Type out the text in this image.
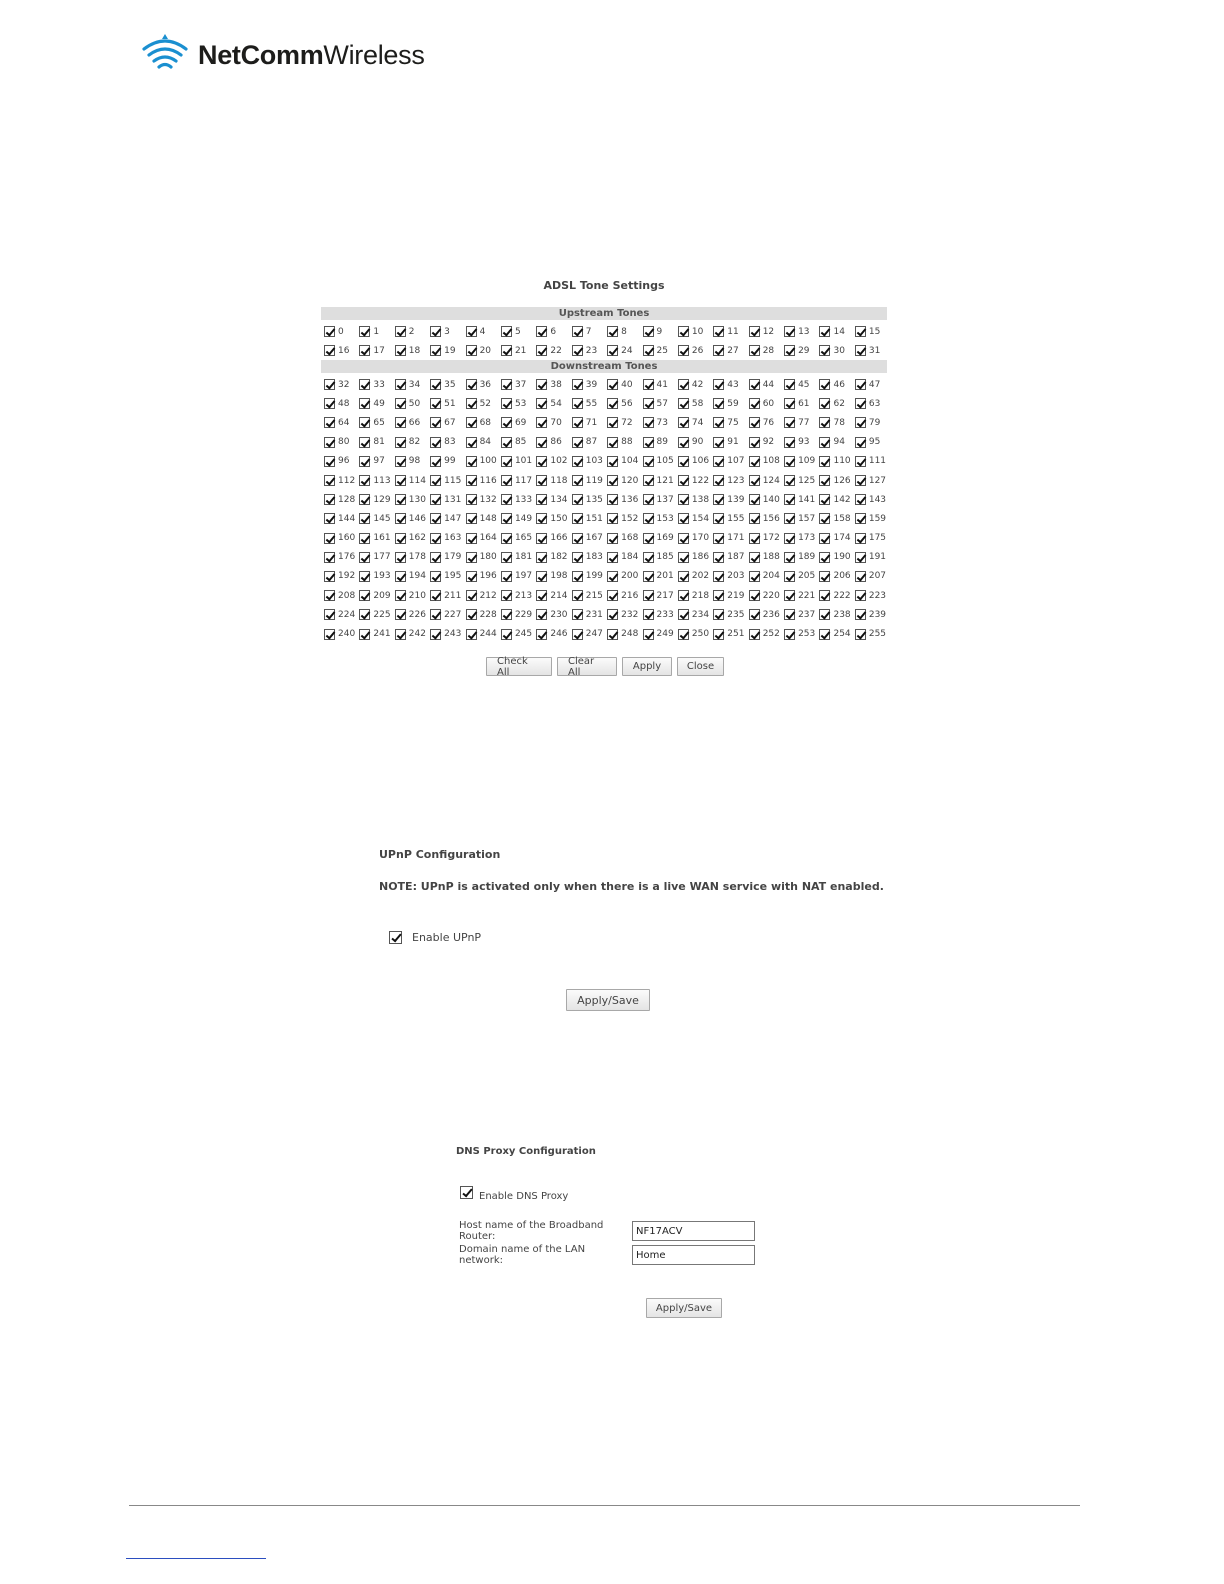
NetCommWireless
ADSL Tone Settings
Upstream Tones
0	1	2	3	4	5	6	7	8	9	10	11	12	13	14	15
16	17	18	19	20	21	22	23	24	25	26	27	28	29	30	31
Downstream Tones
32	33	34	35	36	37	38	39	40	41	42	43	44	45	46	47
48	49	50	51	52	53	54	55	56	57	58	59	60	61	62	63
64	65	66	67	68	69	70	71	72	73	74	75	76	77	78	79
80	81	82	83	84	85	86	87	88	89	90	91	92	93	94	95
96	97	98	99	100 101 102 103 104 105 106 107 108 109 110 111
112 113 114 115 116 117 118 119 120 121 122 123 124 125 126 127
128 129 130 131 132 133 134 135 136 137 138 139 140 141 142 143
144 145 146 147 148 149 150 151 152 153 154 155 156 157 158 159
160 161 162 163 164 165 166 167 168 169 170 171 172 173 174 175
176 177 178 179 180 181 182 183 184 185 186 187 188 189 190 191
192 193 194 195 196 197 198 199 200 201 202 203 204 205 206 207
208 209 210 211 212 213 214 215 216 217 218 219 220 221 222 223
224 225 226 227 228 229 230 231 232 233 234 235 236 237 238 239
240 241 242 243 244 245 246 247 248 249 250 251 252 253 254 255
Check All
Clear All	Apply	Close
UPnP Configuration
NOTE: UPnP is activated only when there is a live WAN service with NAT enabled.
Enable UPnP
Apply/Save
DNS Proxy Configuration
Enable DNS Proxy
Host name of the Broadband Router:	NF17ACV
Domain name of the LAN network:	Home
Apply/Save
